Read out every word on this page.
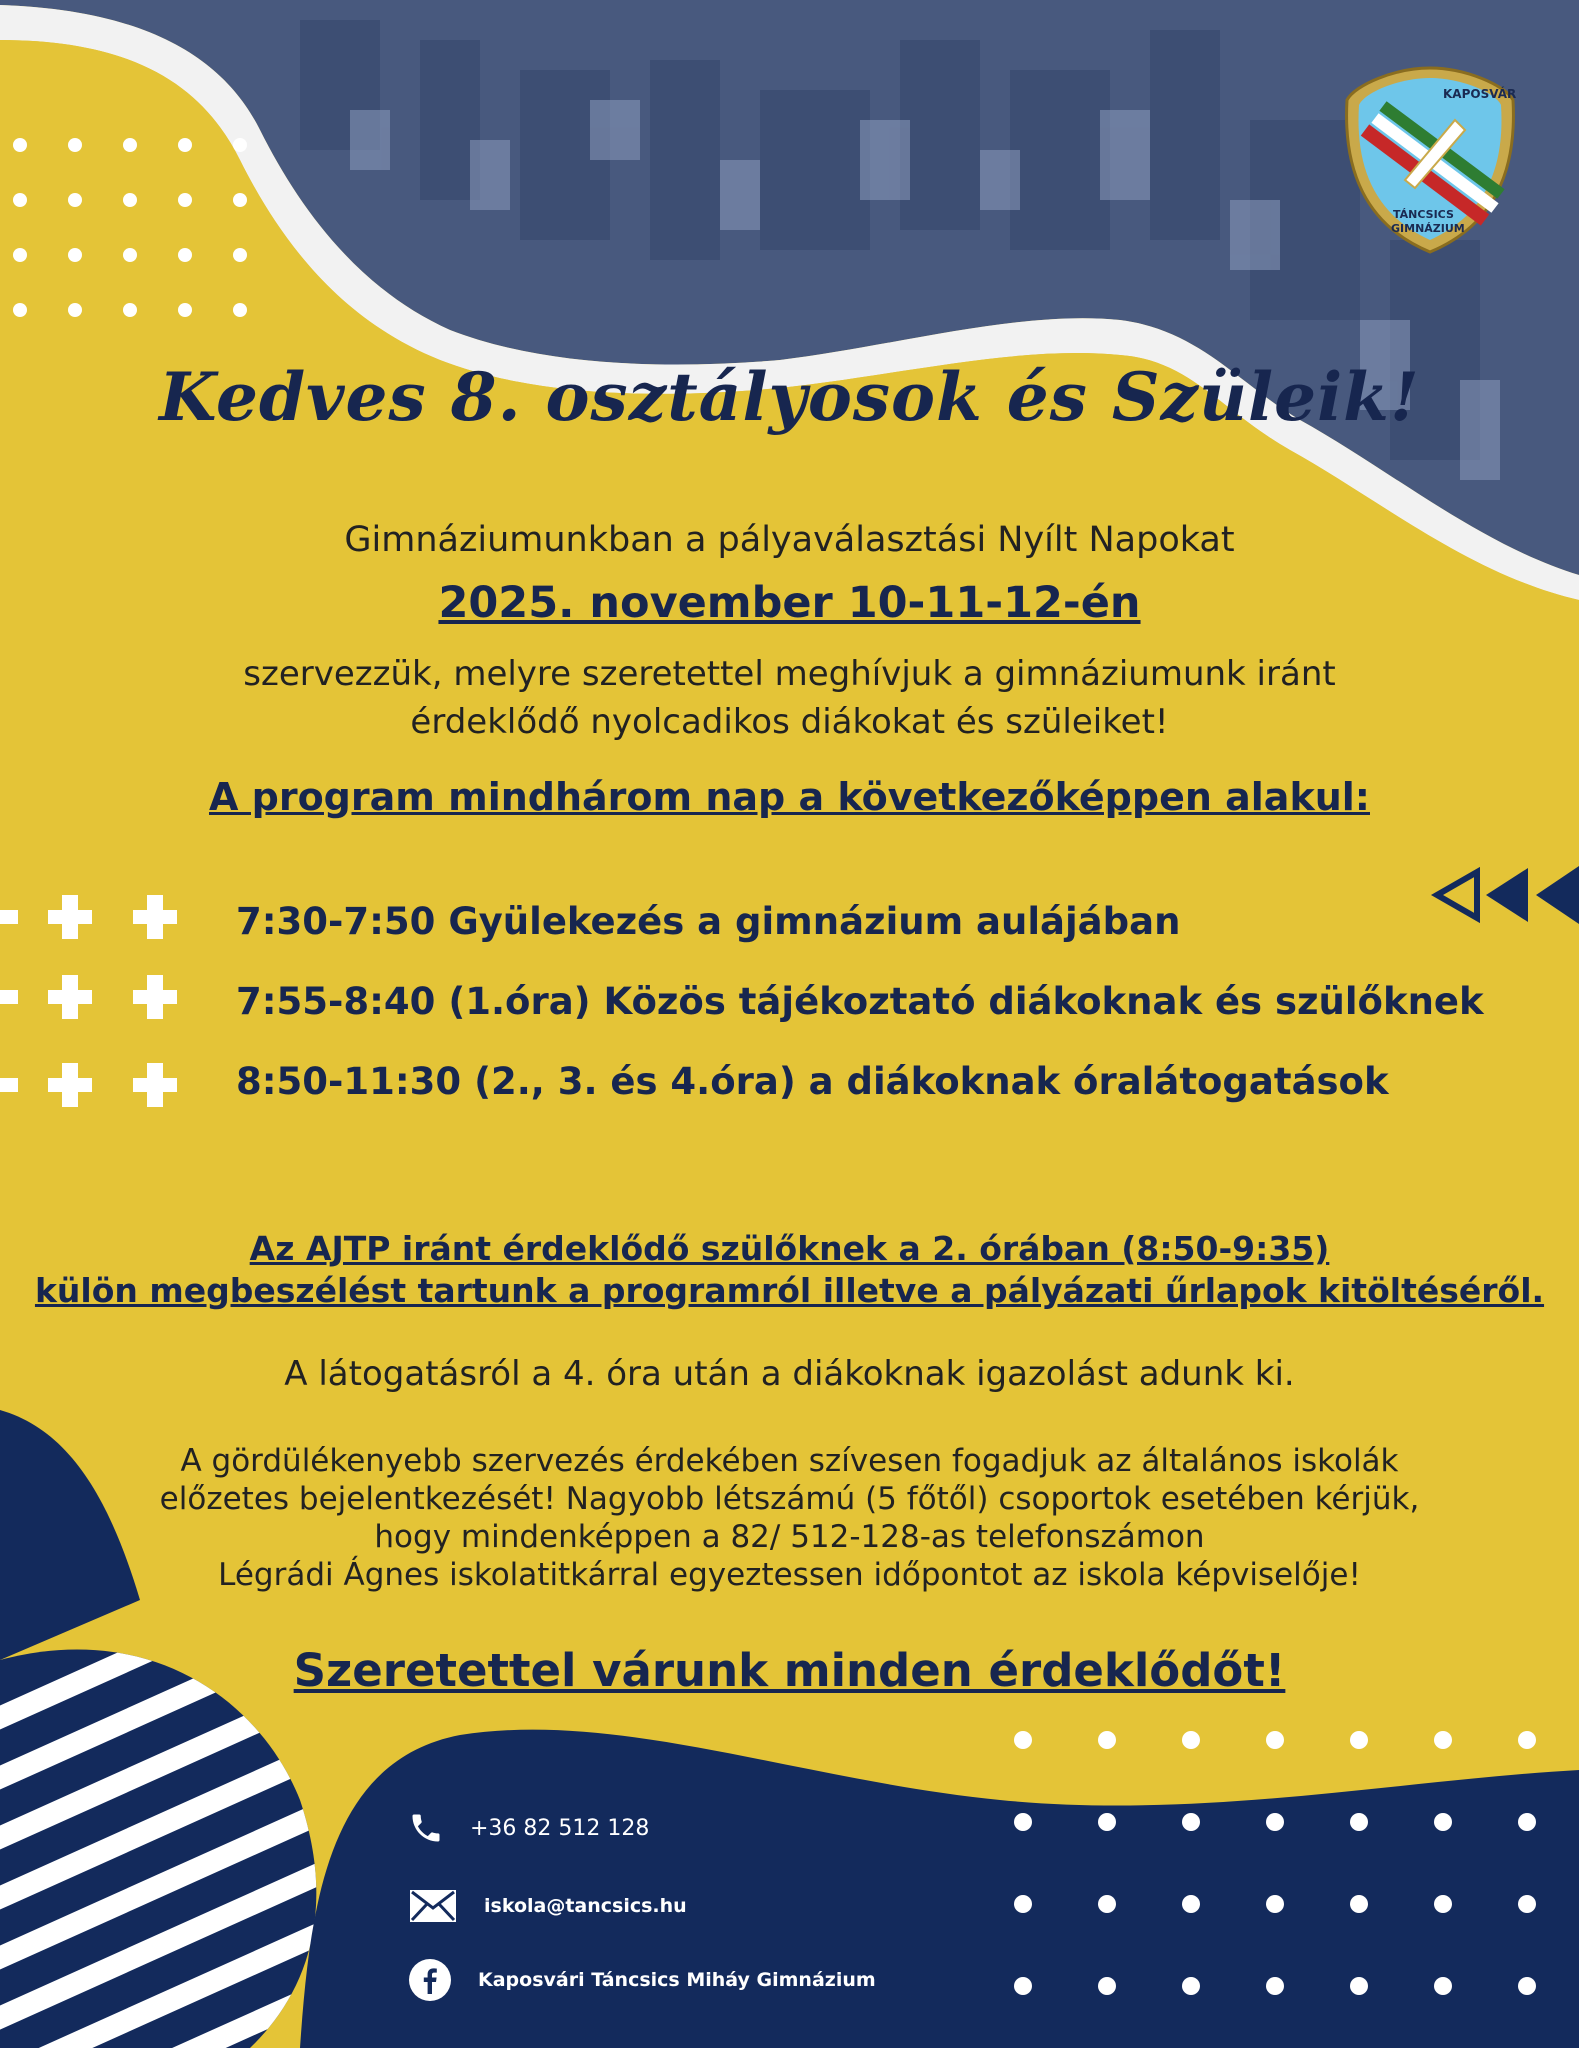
KAPOSVÁR
TÁNCSICS
GIMNÁZIUM
Kedves 8. osztályosok és Szüleik!
Gimnáziumunkban a pályaválasztási Nyílt Napokat
2025. november 10-11-12-én
szervezzük, melyre szeretettel meghívjuk a gimnáziumunk iránt
érdeklődő nyolcadikos diákokat és szüleiket!
A program mindhárom nap a következőképpen alakul:
7:30-7:50 Gyülekezés a gimnázium aulájában
7:55-8:40 (1.óra) Közös tájékoztató diákoknak és szülőknek
8:50-11:30 (2., 3. és 4.óra) a diákoknak óralátogatások
Az AJTP iránt érdeklődő szülőknek a 2. órában (8:50-9:35)
külön megbeszélést tartunk a programról illetve a pályázati űrlapok kitöltéséről.
A látogatásról a 4. óra után a diákoknak igazolást adunk ki.
A gördülékenyebb szervezés érdekében szívesen fogadjuk az általános iskolák
előzetes bejelentkezését! Nagyobb létszámú (5 főtől) csoportok esetében kérjük,
hogy mindenképpen a 82/ 512-128-as telefonszámon
Légrádi Ágnes iskolatitkárral egyeztessen időpontot az iskola képviselője!
Szeretettel várunk minden érdeklődőt!
+36 82 512 128
iskola@tancsics.hu
Kaposvári Táncsics Miháy Gimnázium
